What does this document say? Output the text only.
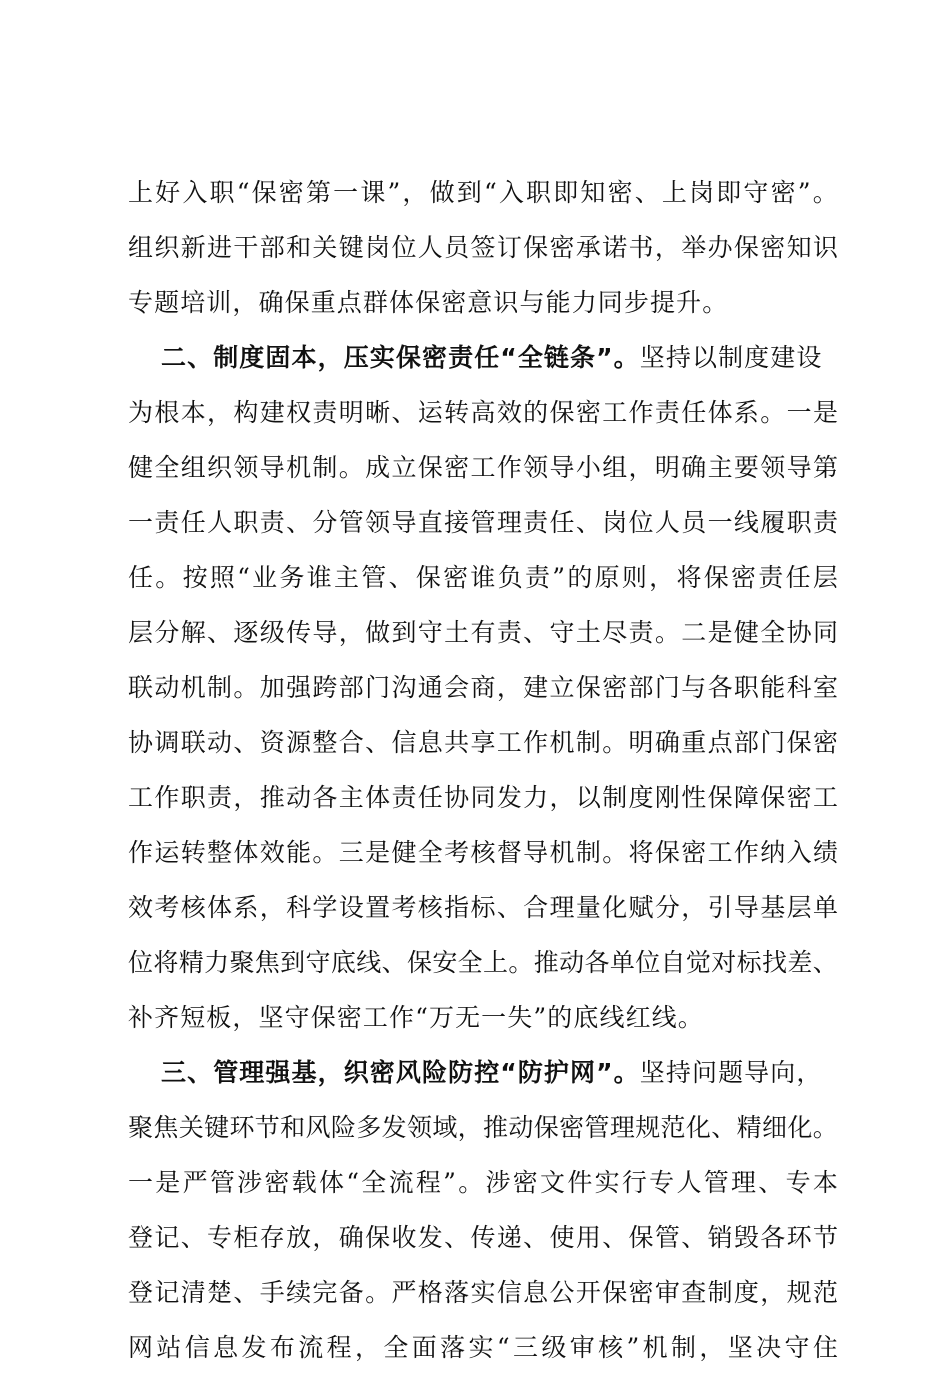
上 好 入 职 “ 保 密 第 一 课 ” ， 做 到 “ 入 职 即 知 密 、 上 岗 即 守 密 ” 。
组 织 新 进 干 部 和 关 键 岗 位 人 员 签 订 保 密 承 诺 书 ， 举 办 保 密 知 识
专题培训，确保重点群体保密意识与能力同步提升。
二、制度固本，压实保密责任“全链条”。坚持以制度建设
为 根 本 ， 构 建 权 责 明 晰 、 运 转 高 效 的 保 密 工 作 责 任 体 系 。 一 是
健 全 组 织 领 导 机 制 。 成 立 保 密 工 作 领 导 小 组 ， 明 确 主 要 领 导 第
一 责 任 人 职 责 、 分 管 领 导 直 接 管 理 责 任 、 岗 位 人 员 一 线 履 职 责
任 。 按 照 “ 业 务 谁 主 管 、 保 密 谁 负 责 ” 的 原 则 ， 将 保 密 责 任 层
层 分 解 、 逐 级 传 导 ， 做 到 守 土 有 责 、 守 土 尽 责 。 二 是 健 全 协 同
联 动 机 制 。 加 强 跨 部 门 沟 通 会 商 ， 建 立 保 密 部 门 与 各 职 能 科 室
协 调 联 动 、 资 源 整 合 、 信 息 共 享 工 作 机 制 。 明 确 重 点 部 门 保 密
工 作 职 责 ， 推 动 各 主 体 责 任 协 同 发 力 ， 以 制 度 刚 性 保 障 保 密 工
作 运 转 整 体 效 能 。 三 是 健 全 考 核 督 导 机 制 。 将 保 密 工 作 纳 入 绩
效 考 核 体 系 ， 科 学 设 置 考 核 指 标 、 合 理 量 化 赋 分 ， 引 导 基 层 单
位 将 精 力 聚 焦 到 守 底 线 、 保 安 全 上 。 推 动 各 单 位 自 觉 对 标 找 差 、
补齐短板，坚守保密工作“万无一失”的底线红线。
三、管理强基，织密风险防控“防护网”。坚持问题导向，
聚 焦 关 键 环 节 和 风 险 多 发 领 域 ， 推 动 保 密 管 理 规 范 化 、 精 细 化 。
一 是 严 管 涉 密 载 体 “ 全 流 程 ” 。 涉 密 文 件 实 行 专 人 管 理 、 专 本
登 记 、 专 柜 存 放 ， 确 保 收 发 、 传 递 、 使 用 、 保 管 、 销 毁 各 环 节
登 记 清 楚 、 手 续 完 备 。 严 格 落 实 信 息 公 开 保 密 审 查 制 度 ， 规 范
网 站 信 息 发 布 流 程 ， 全 面 落 实 “ 三 级 审 核 ” 机 制 ， 坚 决 守 住
